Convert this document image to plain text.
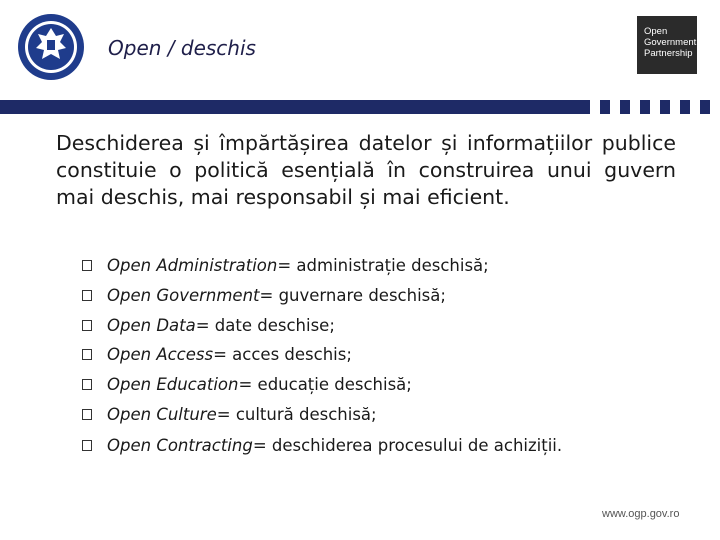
Open / deschis
Open
Government
Partnership
Deschiderea și împărtășirea datelor și informațiilor publice constituie o politică esențială în construirea unui guvern mai deschis, mai responsabil și mai eficient.
Open Administration = administrație deschisă;
Open Government = guvernare deschisă;
Open Data = date deschise;
Open Access = acces deschis;
Open Education = educație deschisă;
Open Culture = cultură deschisă;
Open Contracting = deschiderea procesului de achiziții.
www.ogp.gov.ro
